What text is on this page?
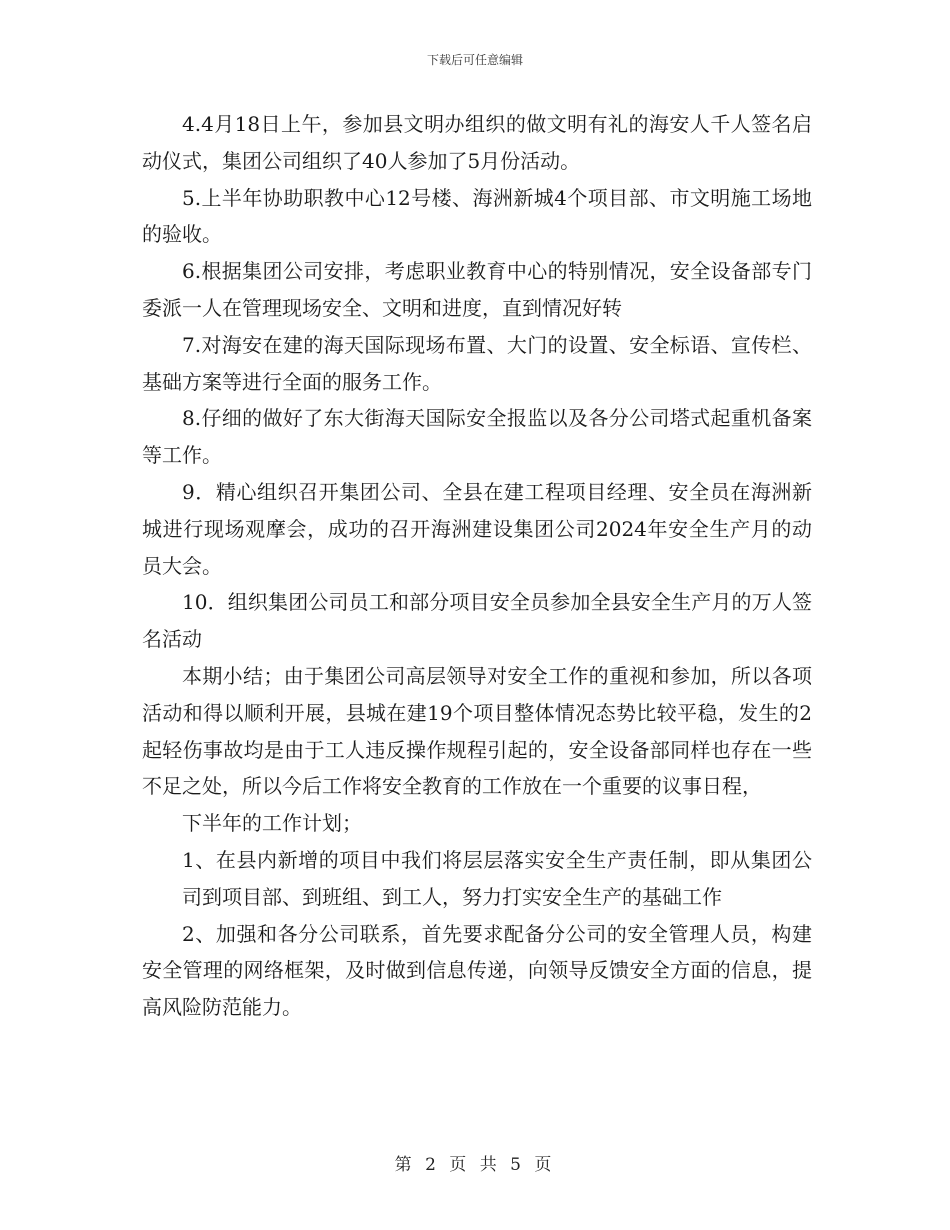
下载后可任意编辑

4.4月18日上午，参加县文明办组织的做文明有礼的海安人千人签名启动仪式，集团公司组织了40人参加了5月份活动。

5.上半年协助职教中心12号楼、海洲新城4个项目部、市文明施工场地的验收。

6.根据集团公司安排，考虑职业教育中心的特别情况，安全设备部专门委派一人在管理现场安全、文明和进度，直到情况好转

7.对海安在建的海天国际现场布置、大门的设置、安全标语、宣传栏、基础方案等进行全面的服务工作。

8.仔细的做好了东大街海天国际安全报监以及各分公司塔式起重机备案等工作。

9．精心组织召开集团公司、全县在建工程项目经理、安全员在海洲新城进行现场观摩会，成功的召开海洲建设集团公司2024年安全生产月的动员大会。

10．组织集团公司员工和部分项目安全员参加全县安全生产月的万人签名活动

本期小结；由于集团公司高层领导对安全工作的重视和参加，所以各项活动和得以顺利开展，县城在建19个项目整体情况态势比较平稳，发生的2起轻伤事故均是由于工人违反操作规程引起的，安全设备部同样也存在一些不足之处，所以今后工作将安全教育的工作放在一个重要的议事日程，

下半年的工作计划；

1、在县内新增的项目中我们将层层落实安全生产责任制，即从集团公司到项目部、到班组、到工人，努力打实安全生产的基础工作

2、加强和各分公司联系，首先要求配备分公司的安全管理人员，构建安全管理的网络框架，及时做到信息传递，向领导反馈安全方面的信息，提高风险防范能力。

第 2 页 共 5 页
